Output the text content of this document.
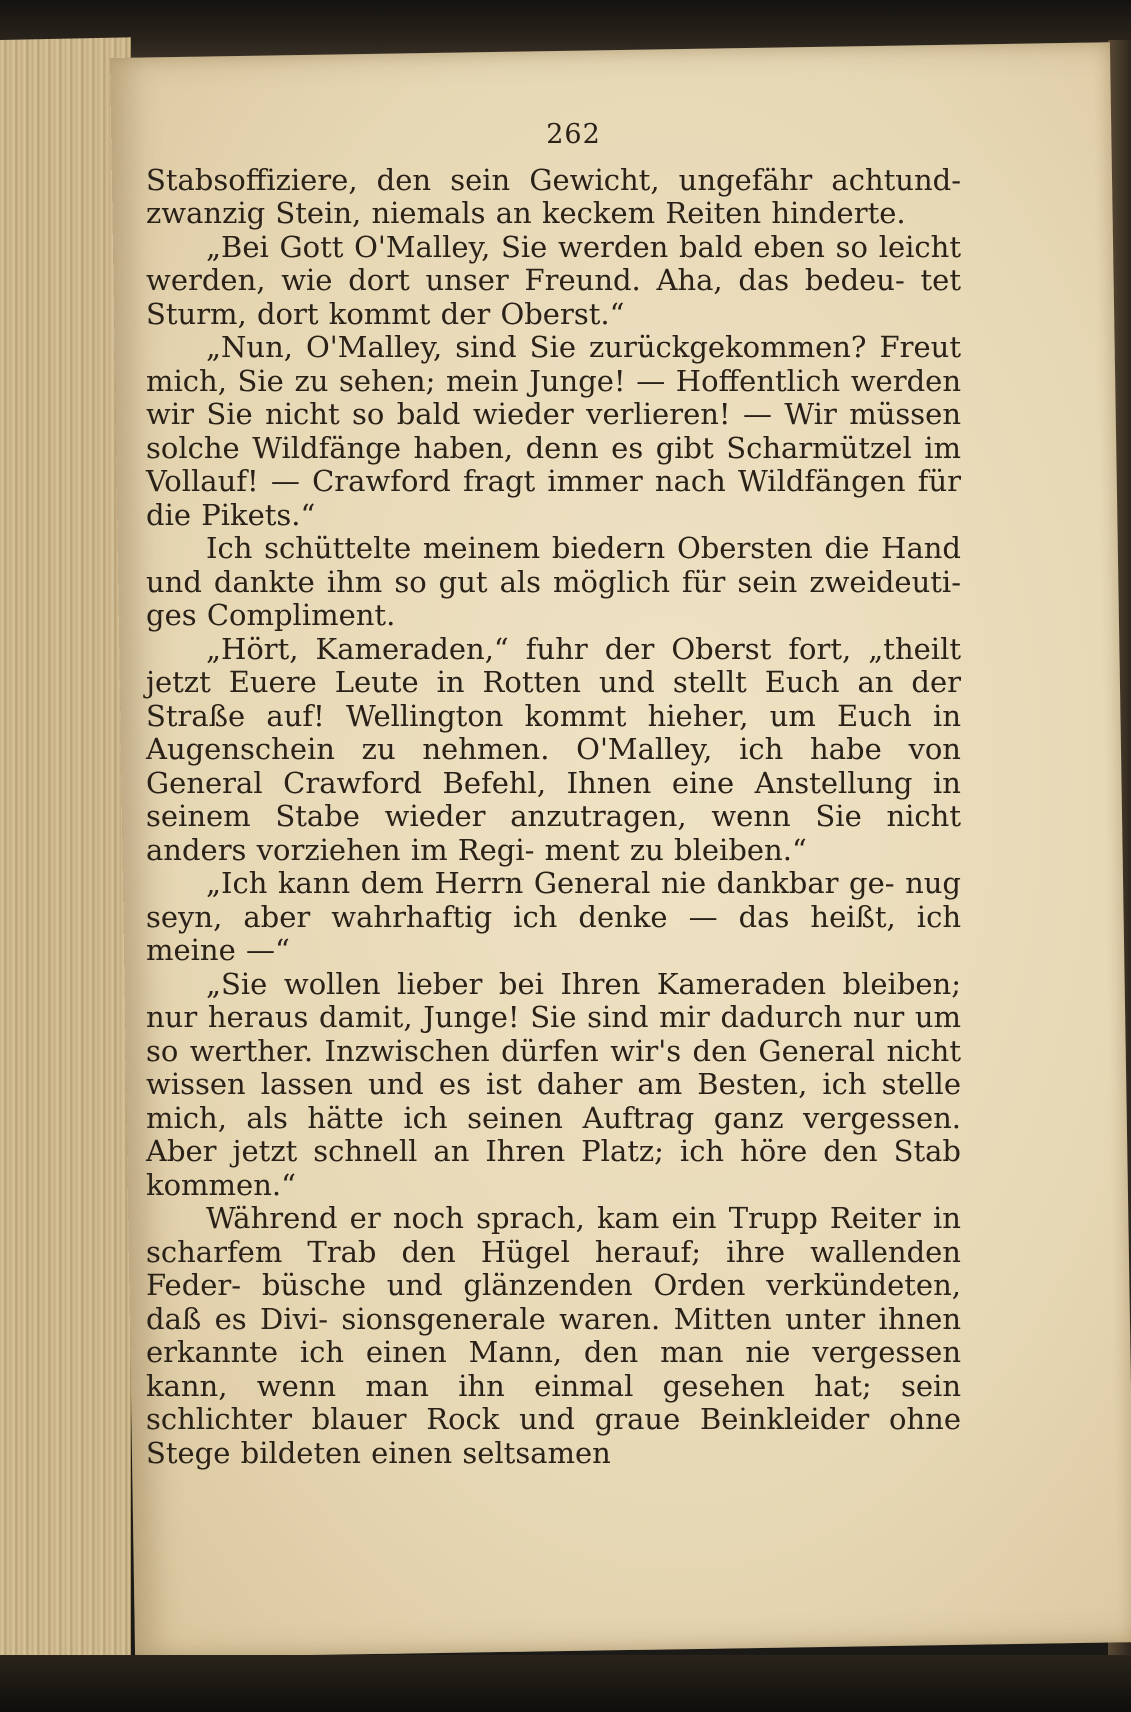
262

Stabsoffiziere, den sein Gewicht, ungefähr achtund- zwanzig Stein, niemals an keckem Reiten hinderte.

„Bei Gott O'Malley, Sie werden bald eben so leicht werden, wie dort unser Freund. Aha, das bedeu- tet Sturm, dort kommt der Oberst.“

„Nun, O'Malley, sind Sie zurückgekommen? Freut mich, Sie zu sehen; mein Junge! — Hoffentlich werden wir Sie nicht so bald wieder verlieren! — Wir müssen solche Wildfänge haben, denn es gibt Scharmützel im Vollauf! — Crawford fragt immer nach Wildfängen für die Pikets.“

Ich schüttelte meinem biedern Obersten die Hand und dankte ihm so gut als möglich für sein zweideuti- ges Compliment.

„Hört, Kameraden,“ fuhr der Oberst fort, „theilt jetzt Euere Leute in Rotten und stellt Euch an der Straße auf! Wellington kommt hieher, um Euch in Augenschein zu nehmen. O'Malley, ich habe von General Crawford Befehl, Ihnen eine Anstellung in seinem Stabe wieder anzutragen, wenn Sie nicht anders vorziehen im Regi- ment zu bleiben.“

„Ich kann dem Herrn General nie dankbar ge- nug seyn, aber wahrhaftig ich denke — das heißt, ich meine —“

„Sie wollen lieber bei Ihren Kameraden bleiben; nur heraus damit, Junge! Sie sind mir dadurch nur um so werther. Inzwischen dürfen wir's den General nicht wissen lassen und es ist daher am Besten, ich stelle mich, als hätte ich seinen Auftrag ganz vergessen. Aber jetzt schnell an Ihren Platz; ich höre den Stab kommen.“

Während er noch sprach, kam ein Trupp Reiter in scharfem Trab den Hügel herauf; ihre wallenden Feder- büsche und glänzenden Orden verkündeten, daß es Divi- sionsgenerale waren. Mitten unter ihnen erkannte ich einen Mann, den man nie vergessen kann, wenn man ihn einmal gesehen hat; sein schlichter blauer Rock und graue Beinkleider ohne Stege bildeten einen seltsamen
